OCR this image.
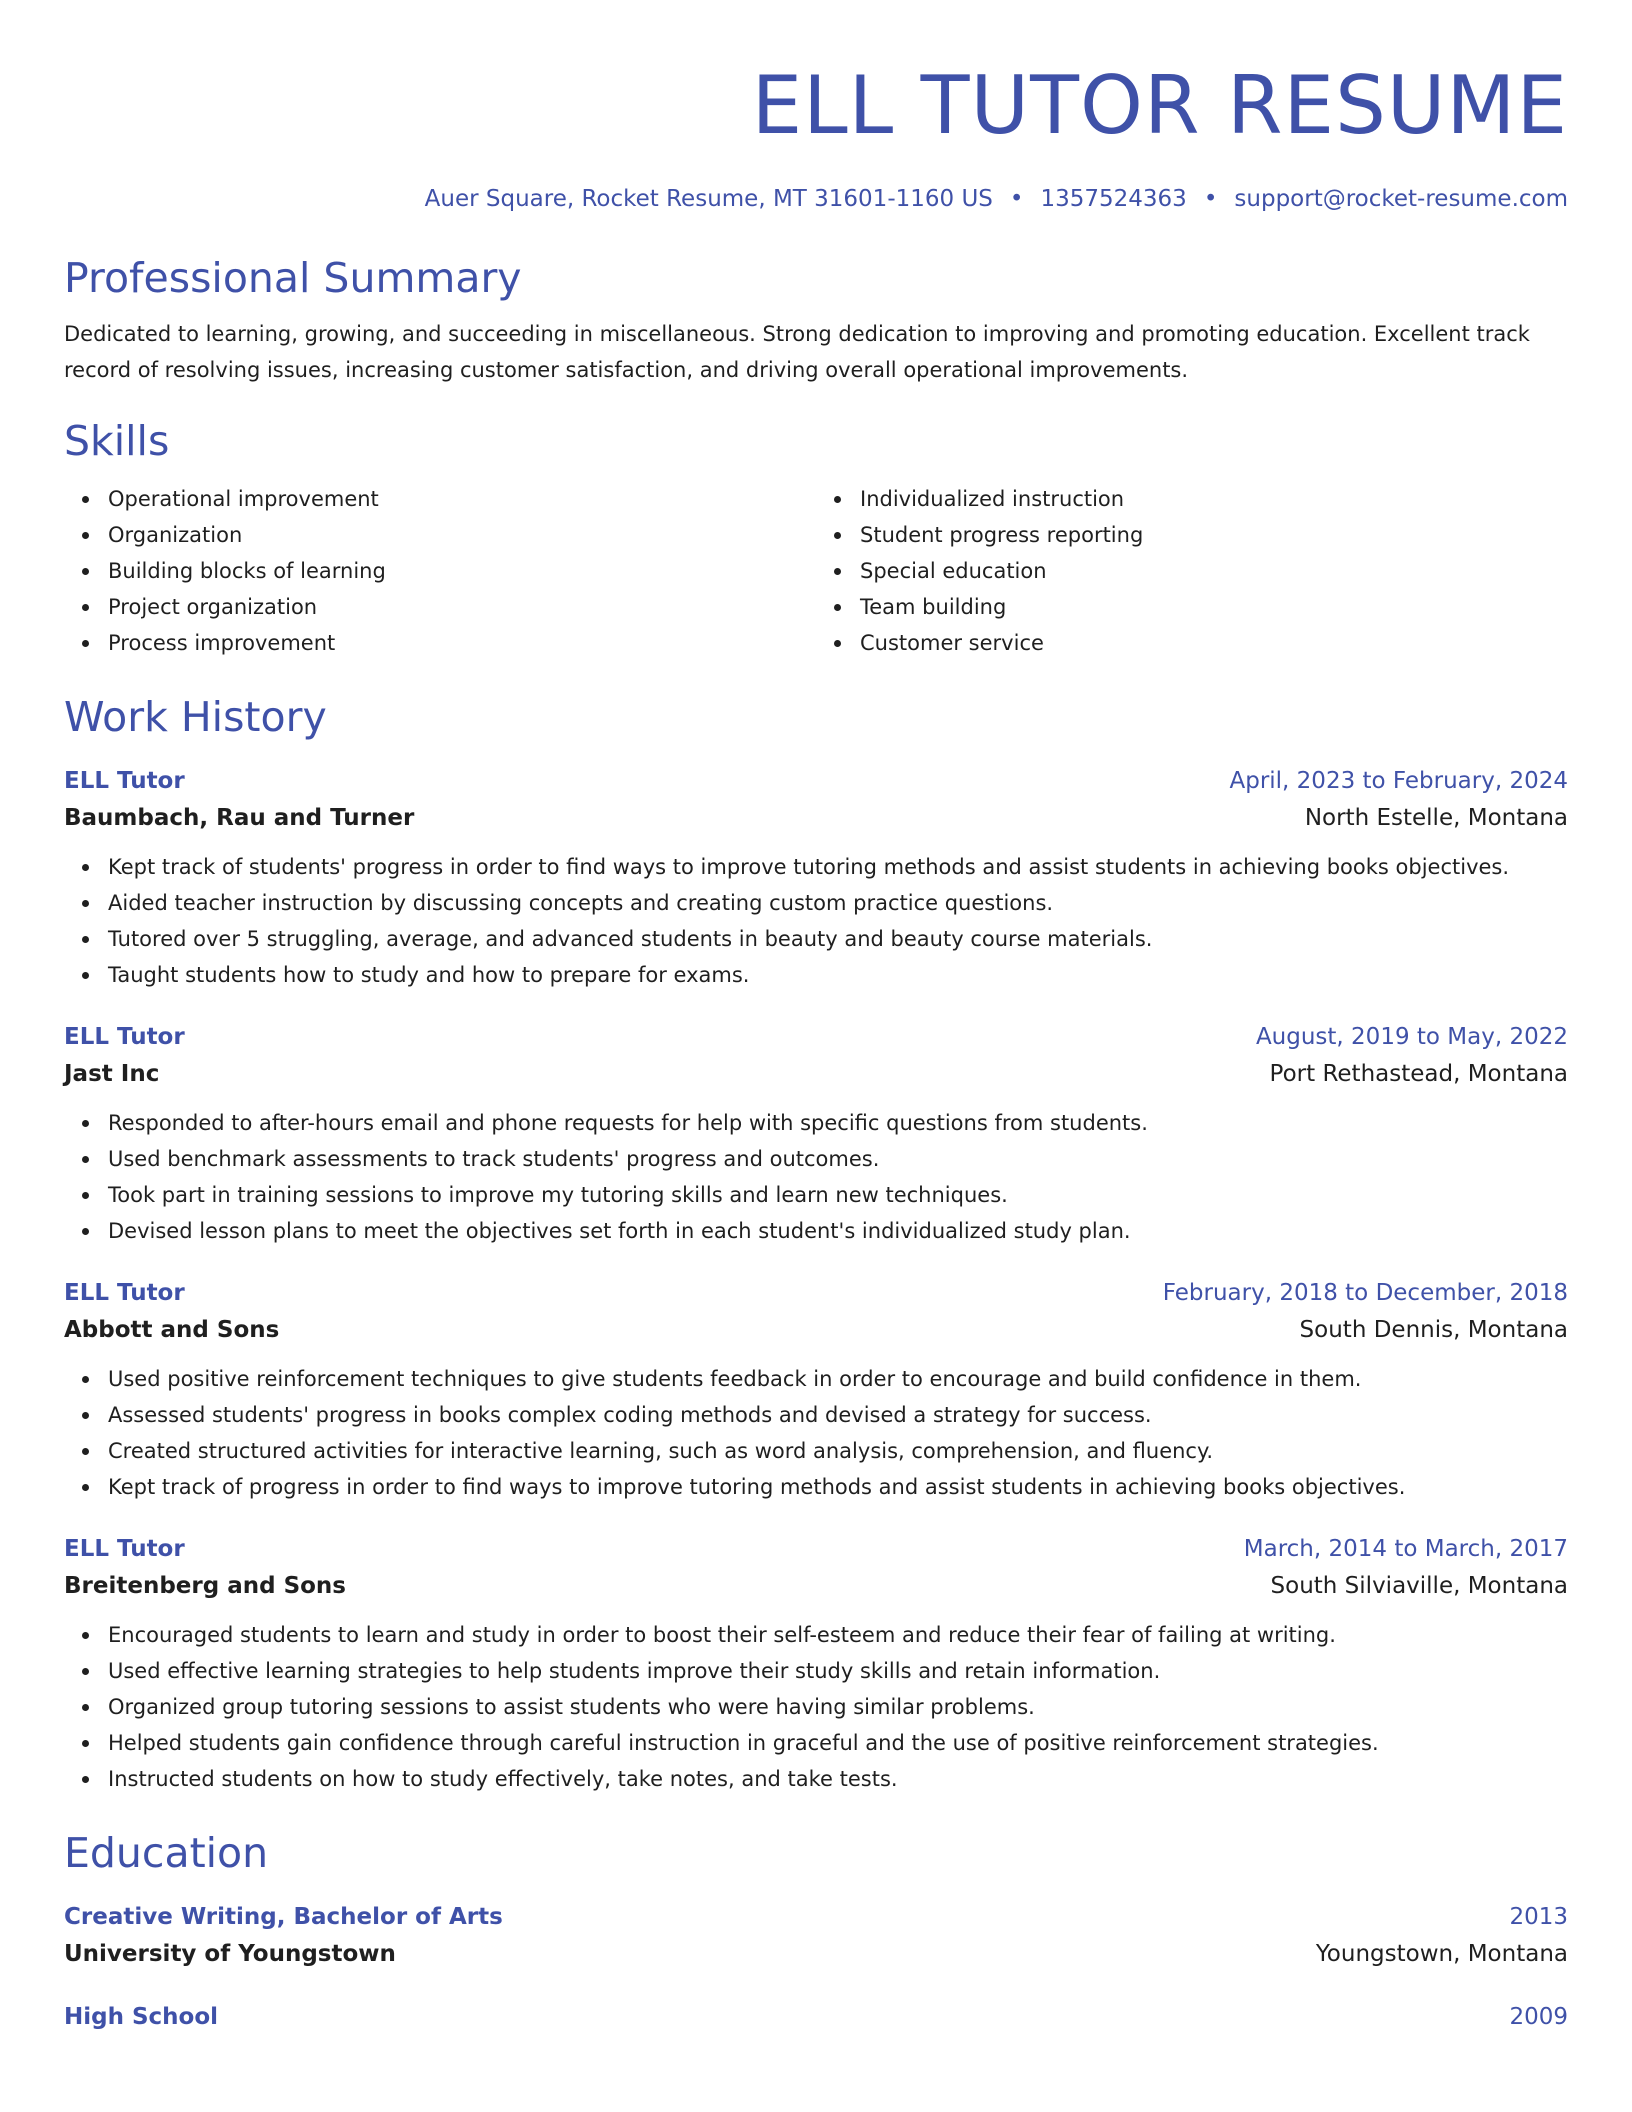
ELL TUTOR RESUME
Auer Square, Rocket Resume, MT 31601-1160 US • 1357524363 • support@rocket-resume.com
Professional Summary

Dedicated to learning, growing, and succeeding in miscellaneous. Strong dedication to improving and promoting education. Excellent track record of resolving issues, increasing customer satisfaction, and driving overall operational improvements.

Skills
Operational improvement
Organization
Building blocks of learning
Project organization
Process improvement
Individualized instruction
Student progress reporting
Special education
Team building
Customer service
Work History
ELL Tutor	April, 2023 to February, 2024
Baumbach, Rau and Turner	North Estelle, Montana
Kept track of students' progress in order to find ways to improve tutoring methods and assist students in achieving books objectives.
Aided teacher instruction by discussing concepts and creating custom practice questions.
Tutored over 5 struggling, average, and advanced students in beauty and beauty course materials.
Taught students how to study and how to prepare for exams.
ELL Tutor	August, 2019 to May, 2022
Jast Inc	Port Rethastead, Montana
Responded to after-hours email and phone requests for help with specific questions from students.
Used benchmark assessments to track students' progress and outcomes.
Took part in training sessions to improve my tutoring skills and learn new techniques.
Devised lesson plans to meet the objectives set forth in each student's individualized study plan.
ELL Tutor	February, 2018 to December, 2018
Abbott and Sons	South Dennis, Montana
Used positive reinforcement techniques to give students feedback in order to encourage and build confidence in them.
Assessed students' progress in books complex coding methods and devised a strategy for success.
Created structured activities for interactive learning, such as word analysis, comprehension, and fluency.
Kept track of progress in order to find ways to improve tutoring methods and assist students in achieving books objectives.
ELL Tutor	March, 2014 to March, 2017
Breitenberg and Sons	South Silviaville, Montana
Encouraged students to learn and study in order to boost their self-esteem and reduce their fear of failing at writing.
Used effective learning strategies to help students improve their study skills and retain information.
Organized group tutoring sessions to assist students who were having similar problems.
Helped students gain confidence through careful instruction in graceful and the use of positive reinforcement strategies.
Instructed students on how to study effectively, take notes, and take tests.
Education
Creative Writing, Bachelor of Arts	2013
University of Youngstown	Youngstown, Montana
High School	2009
